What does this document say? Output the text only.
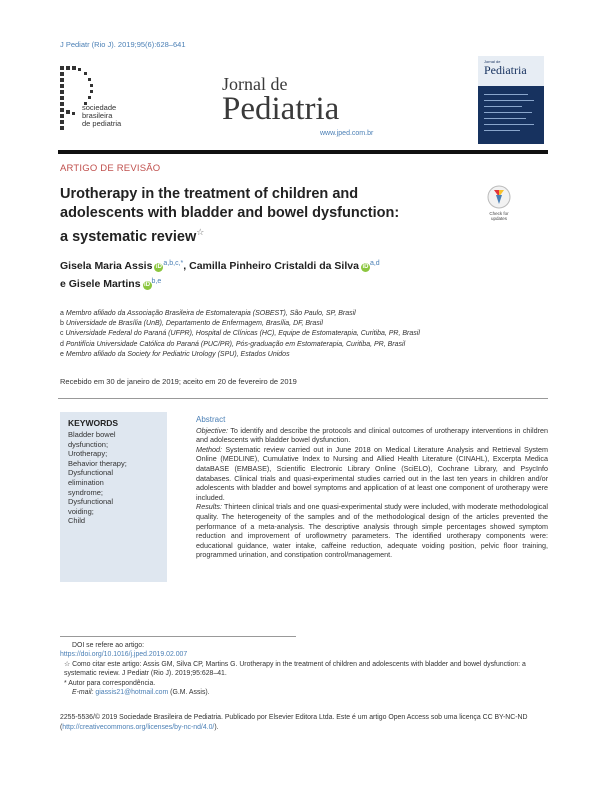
J Pediatr (Rio J). 2019;95(6):628–641
sociedade
brasileira
de pediatria
Jornal de
Pediatria
www.jped.com.br
Jornal de
Pediatria
ARTIGO DE REVISÃO
Urotherapy in the treatment of children and
adolescents with bladder and bowel dysfunction:
a systematic review☆
Check for
updates
Gisela Maria Assis iD $^{a,b,c,*}$, Camilla Pinheiro Cristaldi da Silva iD $^{a,d}$
e Gisele Martins iD $^{b,e}$
a Membro afiliado da Associação Brasileira de Estomaterapia (SOBEST), São Paulo, SP, Brasil
b Universidade de Brasília (UnB), Departamento de Enfermagem, Brasília, DF, Brasil
c Universidade Federal do Paraná (UFPR), Hospital de Clínicas (HC), Equipe de Estomaterapia, Curitiba, PR, Brasil
d Pontifícia Universidade Católica do Paraná (PUC/PR), Pós-graduação em Estomaterapia, Curitiba, PR, Brasil
e Membro afiliado da Society for Pediatric Urology (SPU), Estados Unidos
Recebido em 30 de janeiro de 2019; aceito em 20 de fevereiro de 2019
KEYWORDS
Bladder bowel
dysfunction;
Urotherapy;
Behavior therapy;
Dysfunctional
elimination
syndrome;
Dysfunctional
voiding;
Child
Abstract

Objective: To identify and describe the protocols and clinical outcomes of urotherapy interventions in children and adolescents with bladder bowel dysfunction.

Method: Systematic review carried out in June 2018 on Medical Literature Analysis and Retrieval System Online (MEDLINE), Cumulative Index to Nursing and Allied Health Literature (CINAHL), Excerpta Medica dataBASE (EMBASE), Scientific Electronic Library Online (SciELO), Cochrane Library, and PsycInfo databases. Clinical trials and quasi-experimental studies carried out in the last ten years in children and/or adolescents with bladder and bowel symptoms and application of at least one component of urotherapy were included.

Results: Thirteen clinical trials and one quasi-experimental study were included, with moderate methodological quality. The heterogeneity of the samples and of the methodological design of the articles prevented the performance of a meta-analysis. The descriptive analysis through simple percentages showed symptom reduction and improvement of uroflowmetry parameters. The identified urotherapy components were: educational guidance, water intake, caffeine reduction, adequate voiding position, pelvic floor training, programmed urination, and constipation control/management.

DOI se refere ao artigo:
https://doi.org/10.1016/j.jped.2019.02.007
☆ Como citar este artigo: Assis GM, Silva CP, Martins G. Urotherapy in the treatment of children and adolescents with bladder and bowel dysfunction: a systematic review. J Pediatr (Rio J). 2019;95:628–41.
* Autor para correspondência.
E-mail: giassis21@hotmail.com (G.M. Assis).
2255-5536/© 2019 Sociedade Brasileira de Pediatria. Publicado por Elsevier Editora Ltda. Este é um artigo Open Access sob uma licença CC BY-NC-ND (http://creativecommons.org/licenses/by-nc-nd/4.0/).
